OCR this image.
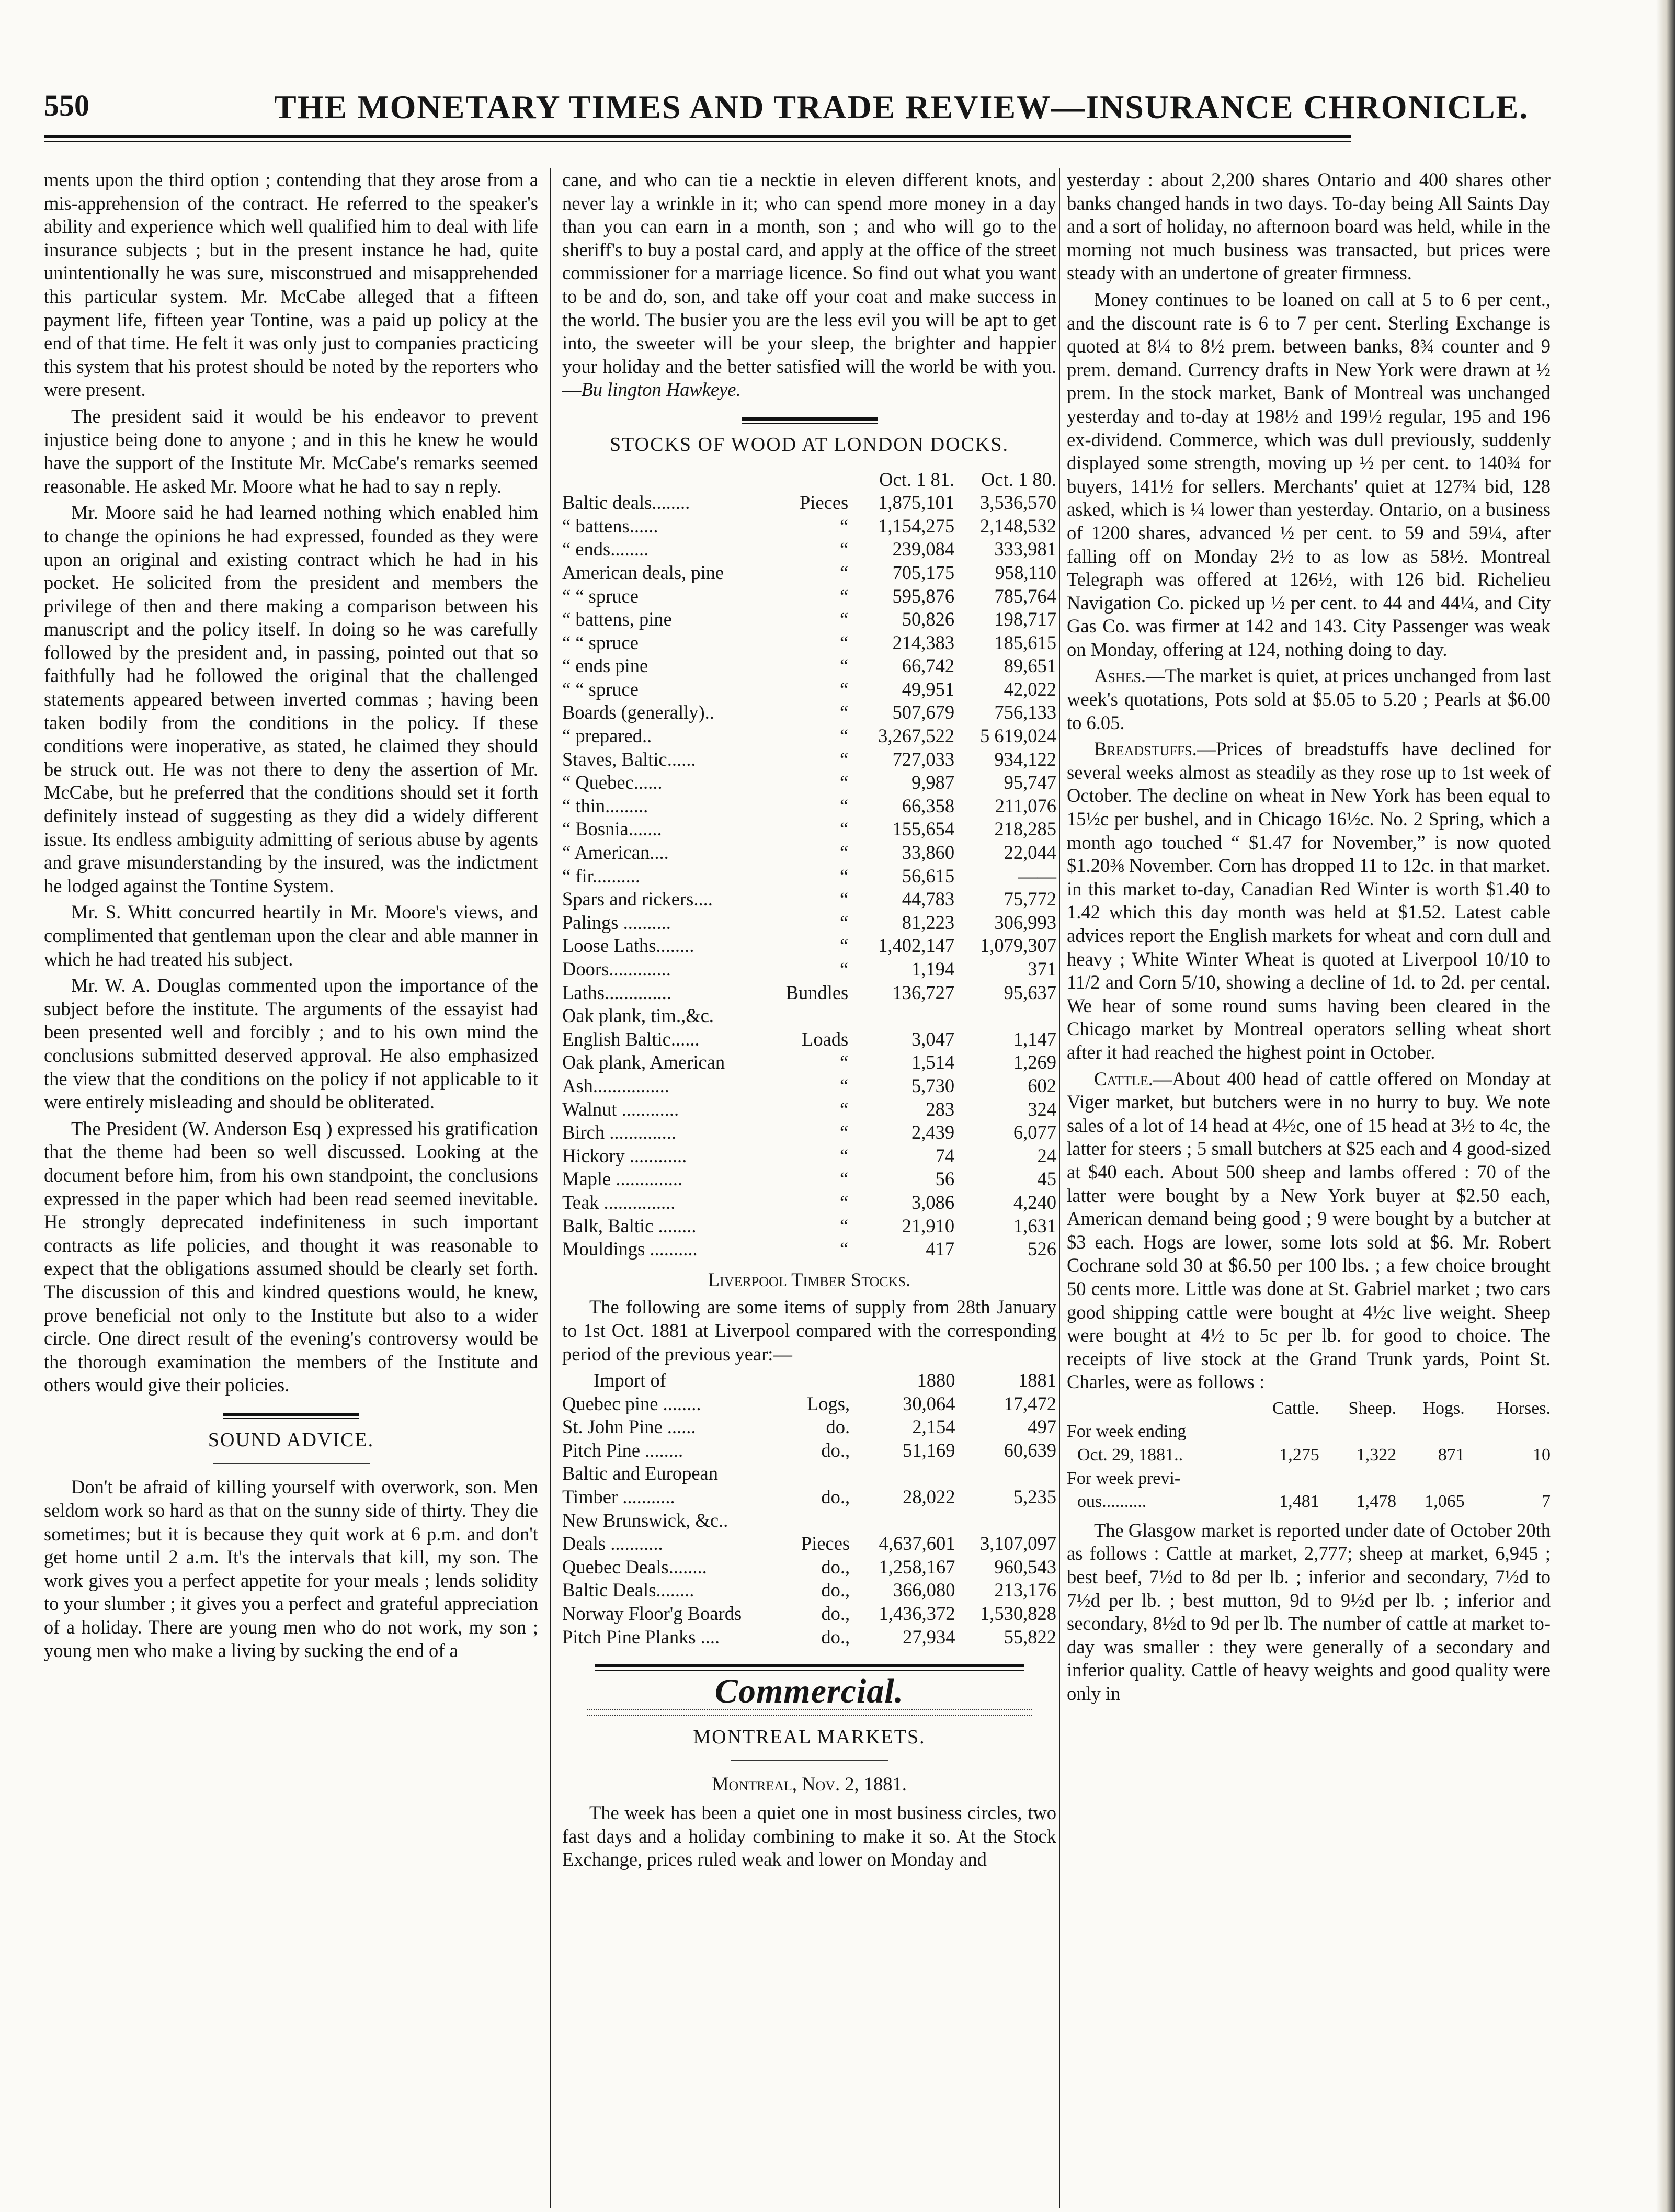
550	THE MONETARY TIMES AND TRADE REVIEW—INSURANCE CHRONICLE.

ments upon the third option ; contending that they arose from a mis-apprehension of the contract. He referred to the speaker's ability and experience which well qualified him to deal with life insurance subjects ; but in the present instance he had, quite unintentionally he was sure, misconstrued and misapprehended this particular system. Mr. McCabe alleged that a fifteen payment life, fifteen year Tontine, was a paid up policy at the end of that time. He felt it was only just to companies practicing this system that his protest should be noted by the reporters who were present.

The president said it would be his endeavor to prevent injustice being done to anyone ; and in this he knew he would have the support of the Institute Mr. McCabe's remarks seemed reasonable. He asked Mr. Moore what he had to say n reply.

Mr. Moore said he had learned nothing which enabled him to change the opinions he had expressed, founded as they were upon an original and existing contract which he had in his pocket. He solicited from the president and members the privilege of then and there making a comparison between his manuscript and the policy itself. In doing so he was carefully followed by the president and, in passing, pointed out that so faithfully had he followed the original that the challenged statements appeared between inverted commas ; having been taken bodily from the conditions in the policy. If these conditions were inoperative, as stated, he claimed they should be struck out. He was not there to deny the assertion of Mr. McCabe, but he preferred that the conditions should set it forth definitely instead of suggesting as they did a widely different issue. Its endless ambiguity admitting of serious abuse by agents and grave misunderstanding by the insured, was the indictment he lodged against the Tontine System.

Mr. S. Whitt concurred heartily in Mr. Moore's views, and complimented that gentleman upon the clear and able manner in which he had treated his subject.

Mr. W. A. Douglas commented upon the importance of the subject before the institute. The arguments of the essayist had been presented well and forcibly ; and to his own mind the conclusions submitted deserved approval. He also emphasized the view that the conditions on the policy if not applicable to it were entirely misleading and should be obliterated.

The President (W. Anderson Esq ) expressed his gratification that the theme had been so well discussed. Looking at the document before him, from his own standpoint, the conclusions expressed in the paper which had been read seemed inevitable. He strongly deprecated indefiniteness in such important contracts as life policies, and thought it was reasonable to expect that the obligations assumed should be clearly set forth. The discussion of this and kindred questions would, he knew, prove beneficial not only to the Institute but also to a wider circle. One direct result of the evening's controversy would be the thorough examination the members of the Institute and others would give their policies.

SOUND ADVICE.

Don't be afraid of killing yourself with overwork, son. Men seldom work so hard as that on the sunny side of thirty. They die sometimes; but it is because they quit work at 6 p.m. and don't get home until 2 a.m. It's the intervals that kill, my son. The work gives you a perfect appetite for your meals ; lends solidity to your slumber ; it gives you a perfect and grateful appreciation of a holiday. There are young men who do not work, my son ; young men who make a living by sucking the end of a

cane, and who can tie a necktie in eleven different knots, and never lay a wrinkle in it; who can spend more money in a day than you can earn in a month, son ; and who will go to the sheriff's to buy a postal card, and apply at the office of the street commissioner for a marriage licence. So find out what you want to be and do, son, and take off your coat and make success in the world. The busier you are the less evil you will be apt to get into, the sweeter will be your sleep, the brighter and happier your holiday and the better satisfied will the world be with you.—Bu lington Hawkeye.

STOCKS OF WOOD AT LONDON DOCKS.
		Oct. 1 81.	Oct. 1 80.
Baltic deals........	Pieces	1,875,101	3,536,570
“ battens......	“	1,154,275	2,148,532
“ ends........	“	239,084	333,981
American deals, pine	“	705,175	958,110
“ “ spruce	“	595,876	785,764
“ battens, pine	“	50,826	198,717
“ “ spruce	“	214,383	185,615
“ ends pine	“	66,742	89,651
“ “ spruce	“	49,951	42,022
Boards (generally)..	“	507,679	756,133
“ prepared..	“	3,267,522	5 619,024
Staves, Baltic......	“	727,033	934,122
“ Quebec......	“	9,987	95,747
“ thin.........	“	66,358	211,076
“ Bosnia.......	“	155,654	218,285
“ American....	“	33,860	22,044
“ fir..........	“	56,615	——
Spars and rickers....	“	44,783	75,772
Palings ..........	“	81,223	306,993
Loose Laths........	“	1,402,147	1,079,307
Doors.............	“	1,194	371
Laths..............	Bundles	136,727	95,637
Oak plank, tim.,&c.			
English Baltic......	Loads	3,047	1,147
Oak plank, American	“	1,514	1,269
Ash................	“	5,730	602
Walnut ............	“	283	324
Birch ..............	“	2,439	6,077
Hickory ............	“	74	24
Maple ..............	“	56	45
Teak ...............	“	3,086	4,240
Balk, Baltic ........	“	21,910	1,631
Mouldings ..........	“	417	526
Liverpool Timber Stocks.

The following are some items of supply from 28th January to 1st Oct. 1881 at Liverpool compared with the corresponding period of the previous year:—

Import of		1880	1881
Quebec pine ........	Logs,	30,064	17,472
St. John Pine ......	do.	2,154	497
Pitch Pine ........	do.,	51,169	60,639
Baltic and European			
Timber ...........	do.,	28,022	5,235
New Brunswick, &c..			
Deals ...........	Pieces	4,637,601	3,107,097
Quebec Deals........	do.,	1,258,167	960,543
Baltic Deals........	do.,	366,080	213,176
Norway Floor'g Boards	do.,	1,436,372	1,530,828
Pitch Pine Planks ....	do.,	27,934	55,822
Commercial.
MONTREAL MARKETS.
Montreal, Nov. 2, 1881.

The week has been a quiet one in most business circles, two fast days and a holiday combining to make it so. At the Stock Exchange, prices ruled weak and lower on Monday and

yesterday : about 2,200 shares Ontario and 400 shares other banks changed hands in two days. To-day being All Saints Day and a sort of holiday, no afternoon board was held, while in the morning not much business was transacted, but prices were steady with an undertone of greater firmness.

Money continues to be loaned on call at 5 to 6 per cent., and the discount rate is 6 to 7 per cent. Sterling Exchange is quoted at 8¼ to 8½ prem. between banks, 8¾ counter and 9 prem. demand. Currency drafts in New York were drawn at ½ prem. In the stock market, Bank of Montreal was unchanged yesterday and to-day at 198½ and 199½ regular, 195 and 196 ex-dividend. Commerce, which was dull previously, suddenly displayed some strength, moving up ½ per cent. to 140¾ for buyers, 141½ for sellers. Merchants' quiet at 127¾ bid, 128 asked, which is ¼ lower than yesterday. Ontario, on a business of 1200 shares, advanced ½ per cent. to 59 and 59¼, after falling off on Monday 2½ to as low as 58½. Montreal Telegraph was offered at 126½, with 126 bid. Richelieu Navigation Co. picked up ½ per cent. to 44 and 44¼, and City Gas Co. was firmer at 142 and 143. City Passenger was weak on Monday, offering at 124, nothing doing to day.

Ashes.—The market is quiet, at prices unchanged from last week's quotations, Pots sold at $5.05 to 5.20 ; Pearls at $6.00 to 6.05.

Breadstuffs.—Prices of breadstuffs have declined for several weeks almost as steadily as they rose up to 1st week of October. The decline on wheat in New York has been equal to 15½c per bushel, and in Chicago 16½c. No. 2 Spring, which a month ago touched “ $1.47 for November,” is now quoted $1.20⅜ November. Corn has dropped 11 to 12c. in that market. in this market to-day, Canadian Red Winter is worth $1.40 to 1.42 which this day month was held at $1.52. Latest cable advices report the English markets for wheat and corn dull and heavy ; White Winter Wheat is quoted at Liverpool 10/10 to 11/2 and Corn 5/10, showing a decline of 1d. to 2d. per cental. We hear of some round sums having been cleared in the Chicago market by Montreal operators selling wheat short after it had reached the highest point in October.

Cattle.—About 400 head of cattle offered on Monday at Viger market, but butchers were in no hurry to buy. We note sales of a lot of 14 head at 4½c, one of 15 head at 3½ to 4c, the latter for steers ; 5 small butchers at $25 each and 4 good-sized at $40 each. About 500 sheep and lambs offered : 70 of the latter were bought by a New York buyer at $2.50 each, American demand being good ; 9 were bought by a butcher at $3 each. Hogs are lower, some lots sold at $6. Mr. Robert Cochrane sold 30 at $6.50 per 100 lbs. ; a few choice brought 50 cents more. Little was done at St. Gabriel market ; two cars good shipping cattle were bought at 4½c live weight. Sheep were bought at 4½ to 5c per lb. for good to choice. The receipts of live stock at the Grand Trunk yards, Point St. Charles, were as follows :

	Cattle.	Sheep.	Hogs.	Horses.
For week ending				
Oct. 29, 1881..	1,275	1,322	871	10
For week previ-				
ous..........	1,481	1,478	1,065	7

The Glasgow market is reported under date of October 20th as follows : Cattle at market, 2,777; sheep at market, 6,945 ; best beef, 7½d to 8d per lb. ; inferior and secondary, 7½d to 7½d per lb. ; best mutton, 9d to 9½d per lb. ; inferior and secondary, 8½d to 9d per lb. The number of cattle at market to-day was smaller : they were generally of a secondary and inferior quality. Cattle of heavy weights and good quality were only in
